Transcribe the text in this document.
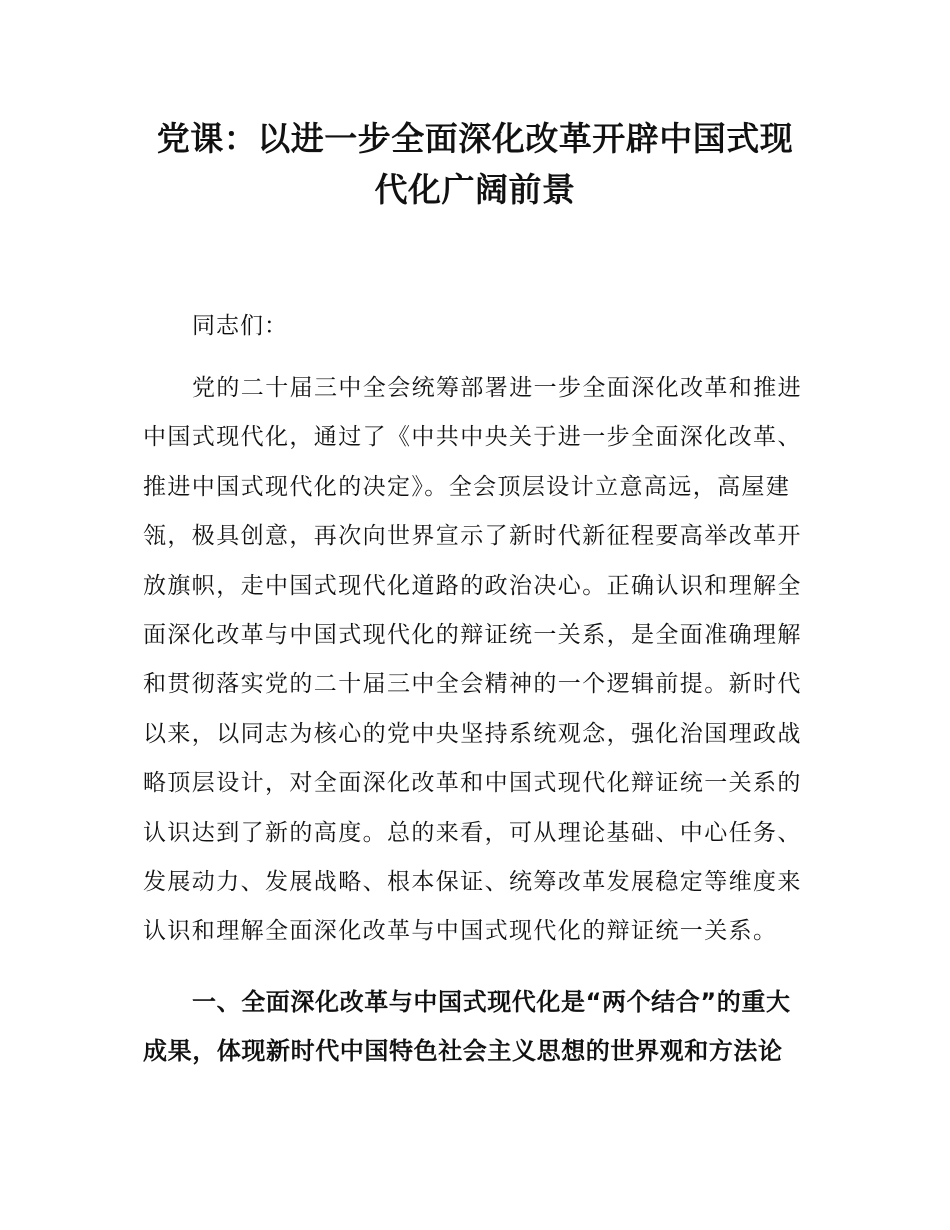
党课：以进一步全面深化改革开辟中国式现
代化广阔前景

同志们：

党的二十届三中全会统筹部署进一步全面深化改革和推进
中国式现代化，通过了《中共中央关于进一步全面深化改革、
推进中国式现代化的决定》。全会顶层设计立意高远，高屋建
瓴，极具创意，再次向世界宣示了新时代新征程要高举改革开
放旗帜，走中国式现代化道路的政治决心。正确认识和理解全
面深化改革与中国式现代化的辩证统一关系，是全面准确理解
和贯彻落实党的二十届三中全会精神的一个逻辑前提。新时代
以来，以同志为核心的党中央坚持系统观念，强化治国理政战
略顶层设计，对全面深化改革和中国式现代化辩证统一关系的
认识达到了新的高度。总的来看，可从理论基础、中心任务、
发展动力、发展战略、根本保证、统筹改革发展稳定等维度来
认识和理解全面深化改革与中国式现代化的辩证统一关系。

一、全面深化改革与中国式现代化是“两个结合”的重大
成果，体现新时代中国特色社会主义思想的世界观和方法论
